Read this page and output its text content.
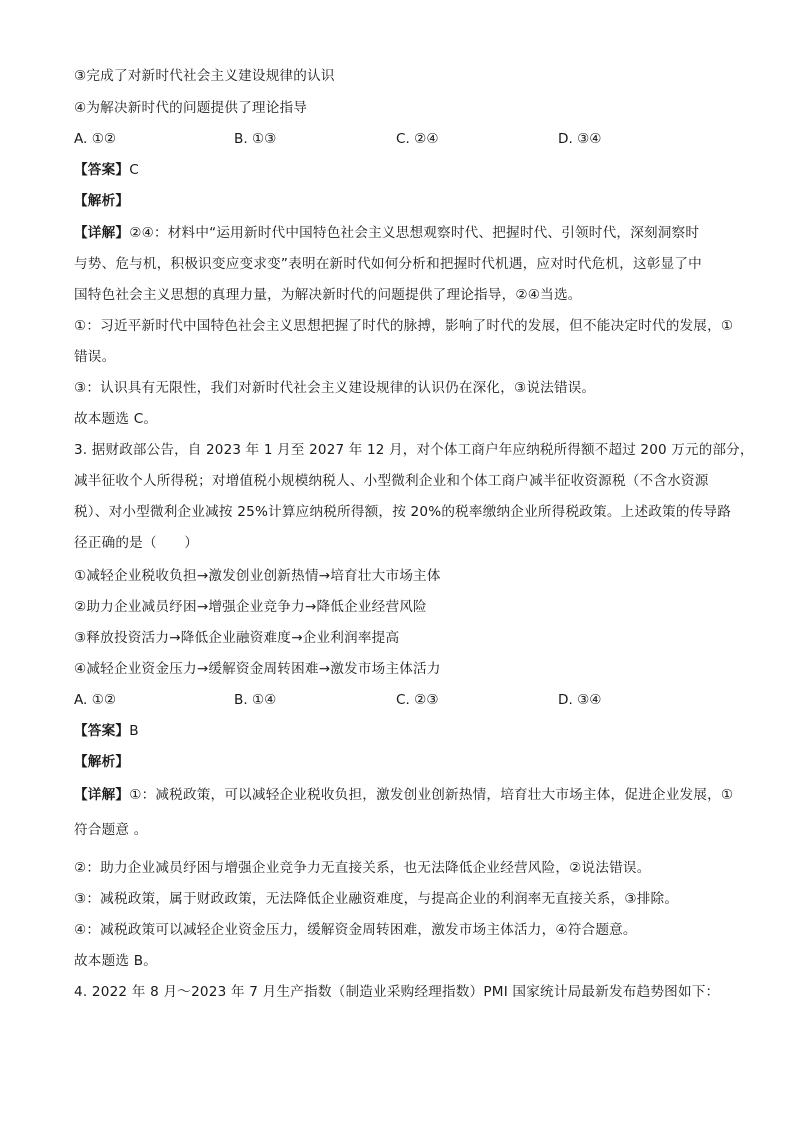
③完成了对新时代社会主义建设规律的认识
④为解决新时代的问题提供了理论指导
A. ①②	B. ①③	C. ②④	D. ③④
【答案】C
【解析】
【详解】②④：材料中“运用新时代中国特色社会主义思想观察时代、把握时代、引领时代，深刻洞察时
与势、危与机，积极识变应变求变”表明在新时代如何分析和把握时代机遇，应对时代危机，这彰显了中
国特色社会主义思想的真理力量，为解决新时代的问题提供了理论指导，②④当选。
①：习近平新时代中国特色社会主义思想把握了时代的脉搏，影响了时代的发展，但不能决定时代的发展，①
错误。
③：认识具有无限性，我们对新时代社会主义建设规律的认识仍在深化，③说法错误。
故本题选 C。
3. 据财政部公告，自 2023 年 1 月至 2027 年 12 月，对个体工商户年应纳税所得额不超过 200 万元的部分，
减半征收个人所得税；对增值税小规模纳税人、小型微利企业和个体工商户减半征收资源税（不含水资源
税）、对小型微利企业减按 25%计算应纳税所得额，按 20%的税率缴纳企业所得税政策。上述政策的传导路
径正确的是（　　）
①减轻企业税收负担→激发创业创新热情→培育壮大市场主体
②助力企业减员纾困→增强企业竞争力→降低企业经营风险
③释放投资活力→降低企业融资难度→企业利润率提高
④减轻企业资金压力→缓解资金周转困难→激发市场主体活力
A. ①②	B. ①④	C. ②③	D. ③④
【答案】B
【解析】
【详解】①：减税政策，可以减轻企业税收负担，激发创业创新热情，培育壮大市场主体，促进企业发展，①
符合题意 。
②：助力企业减员纾困与增强企业竞争力无直接关系，也无法降低企业经营风险，②说法错误。
③：减税政策，属于财政政策，无法降低企业融资难度，与提高企业的利润率无直接关系，③排除。
④：减税政策可以减轻企业资金压力，缓解资金周转困难，激发市场主体活力，④符合题意。
故本题选 B。
4. 2022 年 8 月～2023 年 7 月生产指数（制造业采购经理指数）PMI 国家统计局最新发布趋势图如下：
